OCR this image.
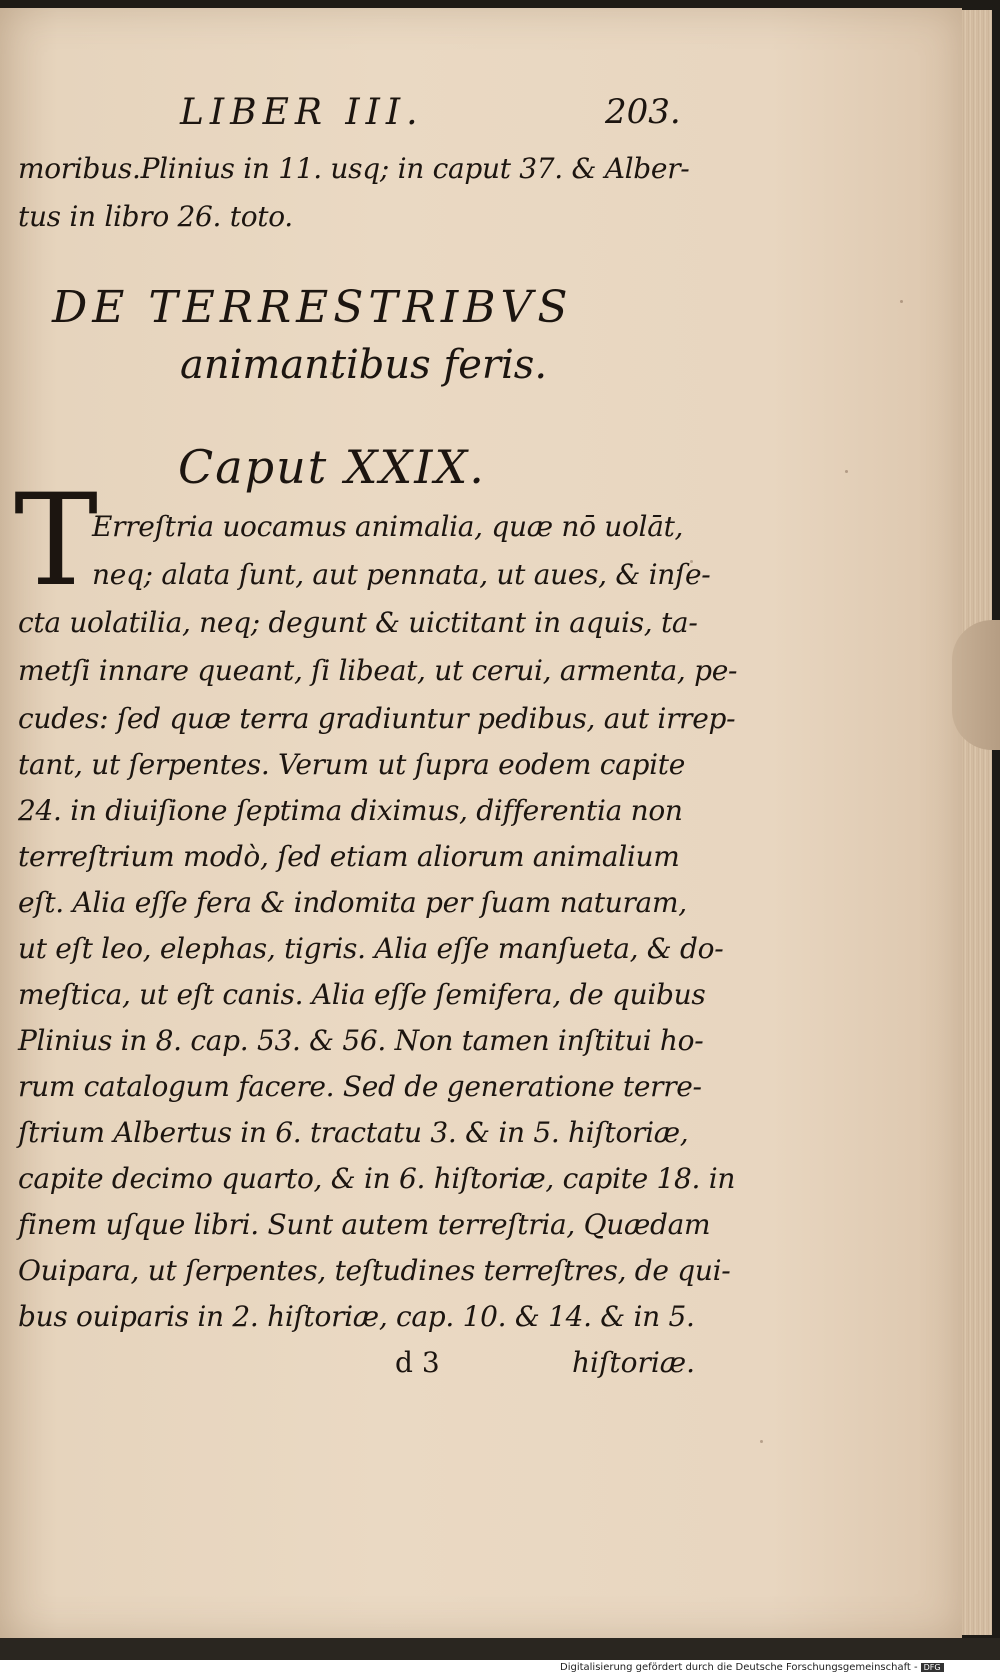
LIBER III.	203.
moribus.Plinius in 11. usq; in caput 37. & Alber-
tus in libro 26. toto.
DE TERRESTRIBVS
animantibus feris.
Caput XXIX.
T
Erreſtria uocamus animalia, quæ nō uolāt,
neq; alata ſunt, aut pennata, ut aues, & inſe-
cta uolatilia, neq; degunt & uictitant in aquis, ta-
metſi innare queant, ſi libeat, ut cerui, armenta, pe-
cudes: ſed quæ terra gradiuntur pedibus, aut irrep-
tant, ut ſerpentes. Verum ut ſupra eodem capite
24. in diuiſione ſeptima diximus, differentia non
terreſtrium modò, ſed etiam aliorum animalium
eſt. Alia eſſe fera & indomita per ſuam naturam,
ut eſt leo, elephas, tigris. Alia eſſe manſueta, & do-
meſtica, ut eſt canis. Alia eſſe ſemifera, de quibus
Plinius in 8. cap. 53. & 56. Non tamen inſtitui ho-
rum catalogum facere. Sed de generatione terre-
ſtrium Albertus in 6. tractatu 3. & in 5. hiſtoriæ,
capite decimo quarto, & in 6. hiſtoriæ, capite 18. in
finem uſque libri. Sunt autem terreſtria, Quædam
Ouipara, ut ſerpentes, teſtudines terreſtres, de qui-
bus ouiparis in 2. hiſtoriæ, cap. 10. & 14. & in 5.
d 3	hiſtoriæ.
Digitalisierung gefördert durch die Deutsche Forschungsgemeinschaft - DFG
